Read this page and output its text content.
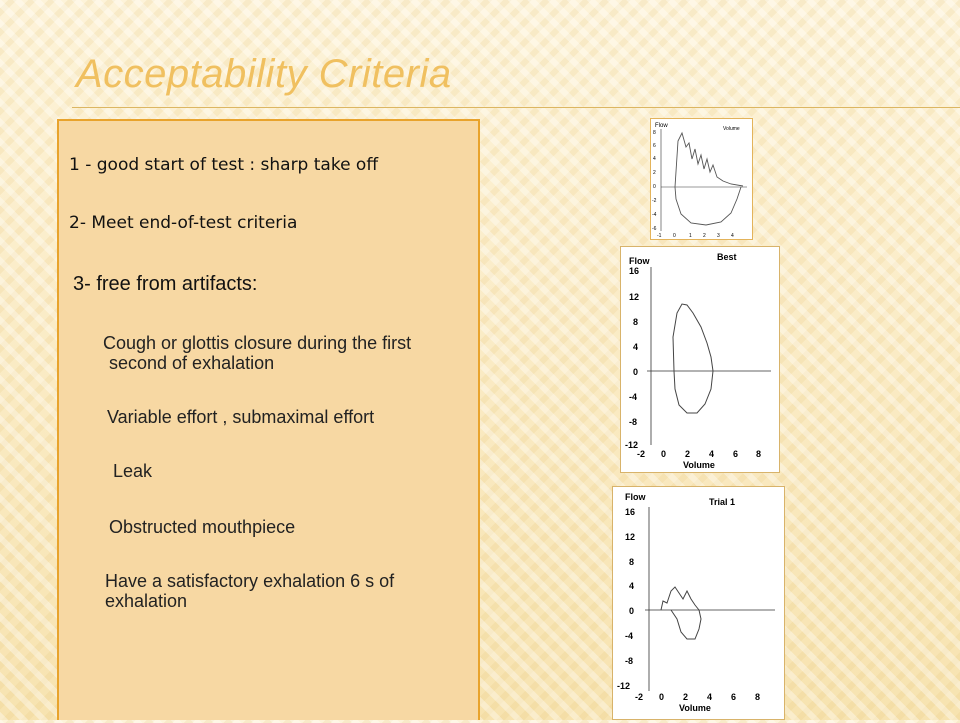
Acceptability Criteria

1 - good start of test : sharp take off

2- Meet end-of-test criteria

3- free from artifacts:

Cough or glottis closure during the first
second of exhalation

Variable effort , submaximal effort

Leak

Obstructed mouthpiece

Have a satisfactory exhalation 6 s of
exhalation

Flow	Volume
8
6
4
2
0
-2
-4
-6
-1 0	1 2 3 4
Flow	Best
16
12
8
4
0
-4
-8
-12
-2 0 2 4 6 8
Volume
Flow	Trial 1
16
12
8
4
0
-4
-8
-12
-2 0 2 4 6 8
Volume
